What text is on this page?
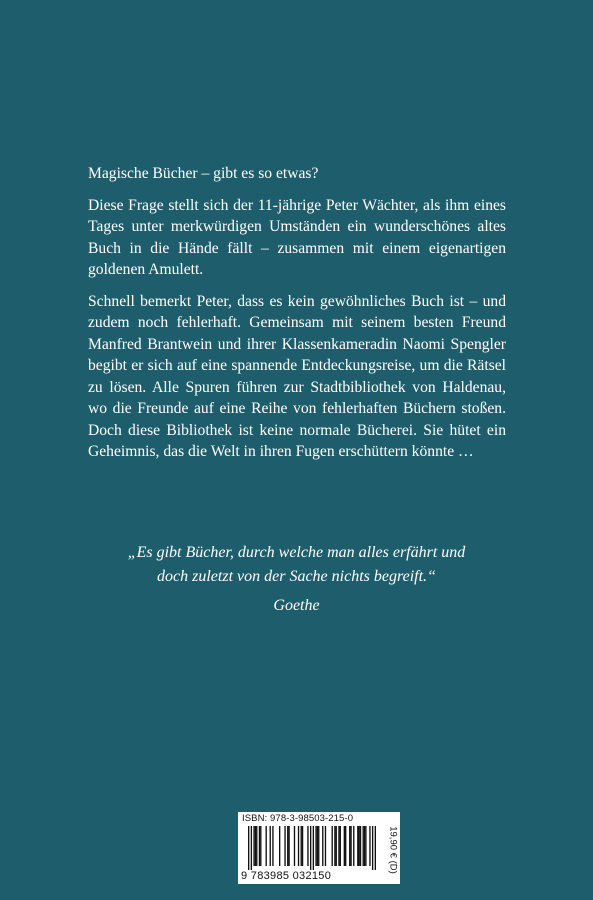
Magische Bücher – gibt es so etwas?

Diese Frage stellt sich der 11-jährige Peter Wächter, als ihm eines Tages unter merkwürdigen Umständen ein wunderschönes altes Buch in die Hände fällt – zusammen mit einem eigenartigen goldenen Amulett.

Schnell bemerkt Peter, dass es kein gewöhnliches Buch ist – und zudem noch fehlerhaft. Gemeinsam mit seinem besten Freund Manfred Brantwein und ihrer Klassenkameradin Naomi Spengler begibt er sich auf eine spannende Entdeckungsreise, um die Rätsel zu lösen. Alle Spuren führen zur Stadtbibliothek von Haldenau, wo die Freunde auf eine Reihe von fehlerhaften Büchern stoßen. Doch diese Bibliothek ist keine normale Bücherei. Sie hütet ein Geheimnis, das die Welt in ihren Fugen erschüttern könnte …

„Es gibt Bücher, durch welche man alles erfährt und
doch zuletzt von der Sache nichts begreift.“
Goethe
ISBN: 978-3-98503-215-0
9 783985 032150
19,90 € (D)
